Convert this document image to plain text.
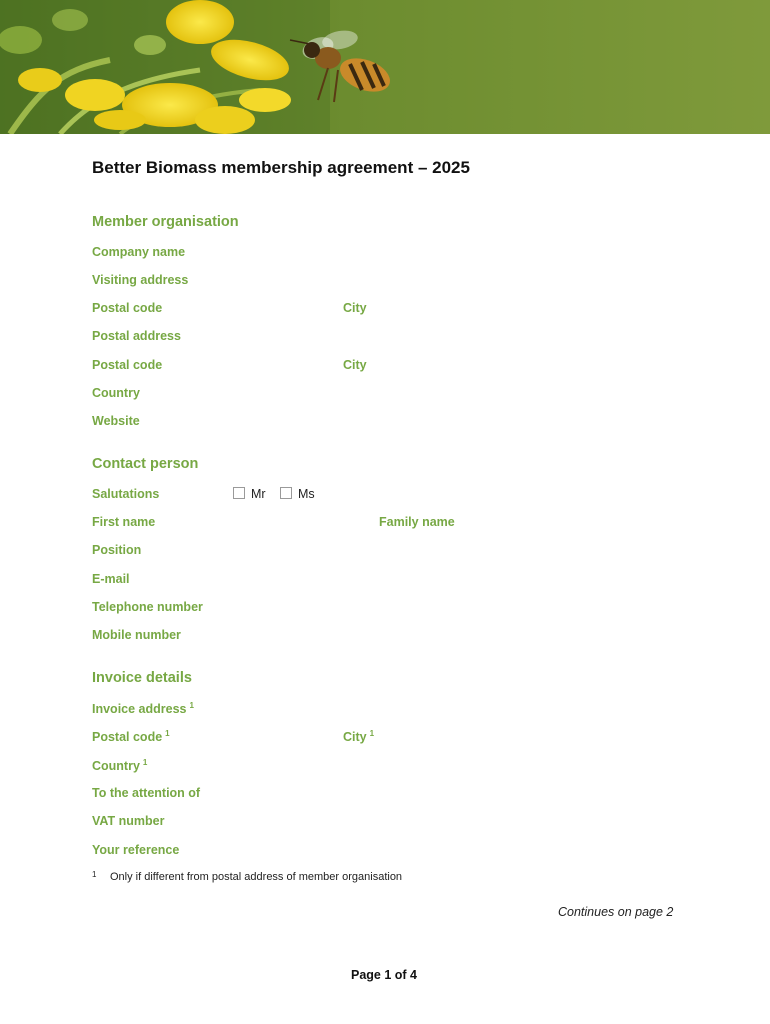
Better Biomass membership agreement – 2025
Member organisation
Company name
Visiting address
Postal code	City
Postal address
Postal code	City
Country
Website
Contact person
Salutations	Mr	Ms
First name	Family name
Position
E-mail
Telephone number
Mobile number
Invoice details
Invoice address $^1$
Postal code $^1$	City $^1$
Country $^1$
To the attention of
VAT number
Your reference
1 Only if different from postal address of member organisation
Continues on page 2
Page 1 of 4
